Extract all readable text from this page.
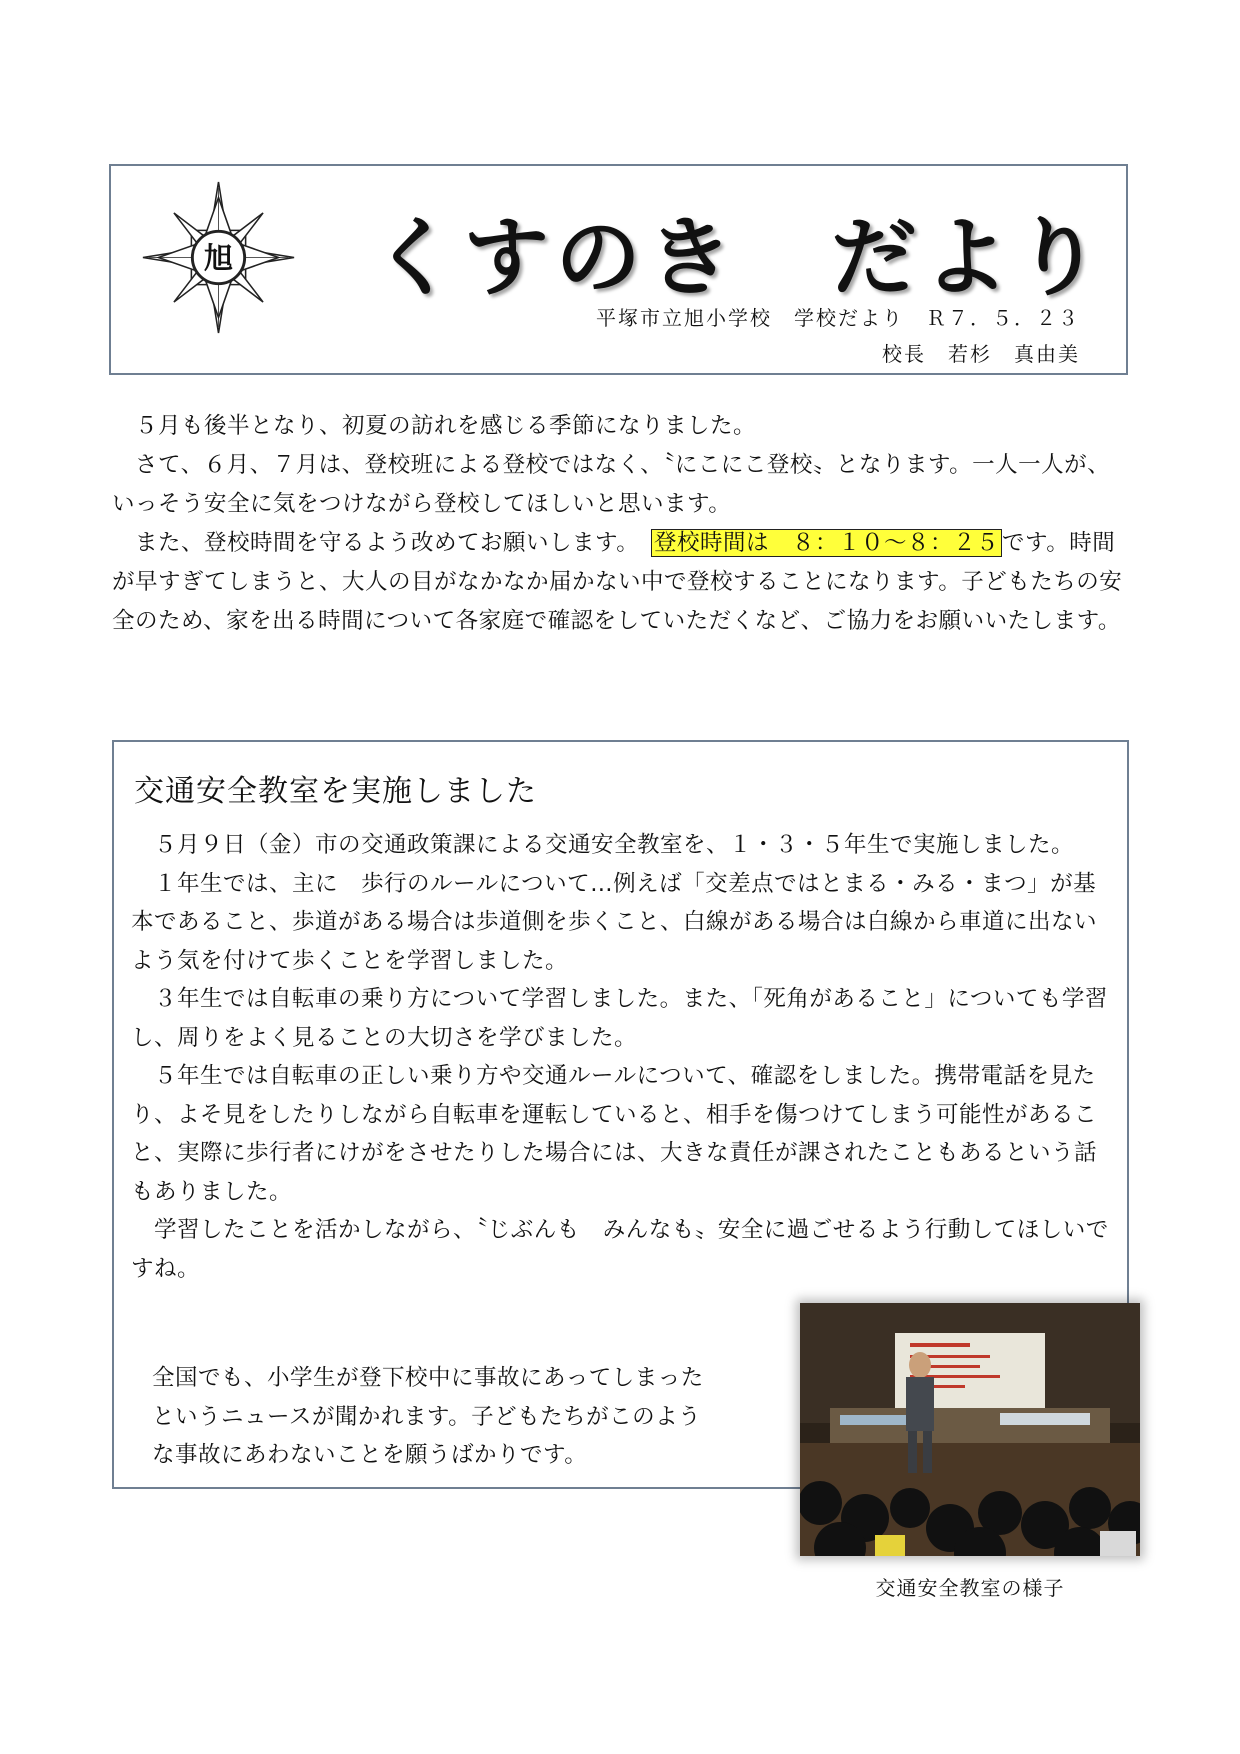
旭 くすのき　だより
平塚市立旭小学校　学校だより　Ｒ７．５．２３
校長　若杉　真由美

　５月も後半となり、初夏の訪れを感じる季節になりました。

　さて、６月、７月は、登校班による登校ではなく、〝にこにこ登校〟となります。一人一人が、いっそう安全に気をつけながら登校してほしいと思います。

　また、登校時間を守るよう改めてお願いします。　 登校時間は　８：１０～８：２５ です。時間が早すぎてしまうと、大人の目がなかなか届かない中で登校することになります。子どもたちの安全のため、家を出る時間について各家庭で確認をしていただくなど、ご協力をお願いいたします。

交通安全教室を実施しました

　５月９日（金）市の交通政策課による交通安全教室を、１・３・５年生で実施しました。

　１年生では、主に　歩行のルールについて…例えば「交差点ではとまる・みる・まつ」が基本であること、歩道がある場合は歩道側を歩くこと、白線がある場合は白線から車道に出ないよう気を付けて歩くことを学習しました。

　３年生では自転車の乗り方について学習しました。また、「死角があること」についても学習し、周りをよく見ることの大切さを学びました。

　５年生では自転車の正しい乗り方や交通ルールについて、確認をしました。携帯電話を見たり、よそ見をしたりしながら自転車を運転していると、相手を傷つけてしまう可能性があること、実際に歩行者にけがをさせたりした場合には、大きな責任が課されたこともあるという話もありました。

　学習したことを活かしながら、〝じぶんも　みんなも〟安全に過ごせるよう行動してほしいですね。

全国でも、小学生が登下校中に事故にあってしまったというニュースが聞かれます。子どもたちがこのような事故にあわないことを願うばかりです。

交通安全教室の様子
